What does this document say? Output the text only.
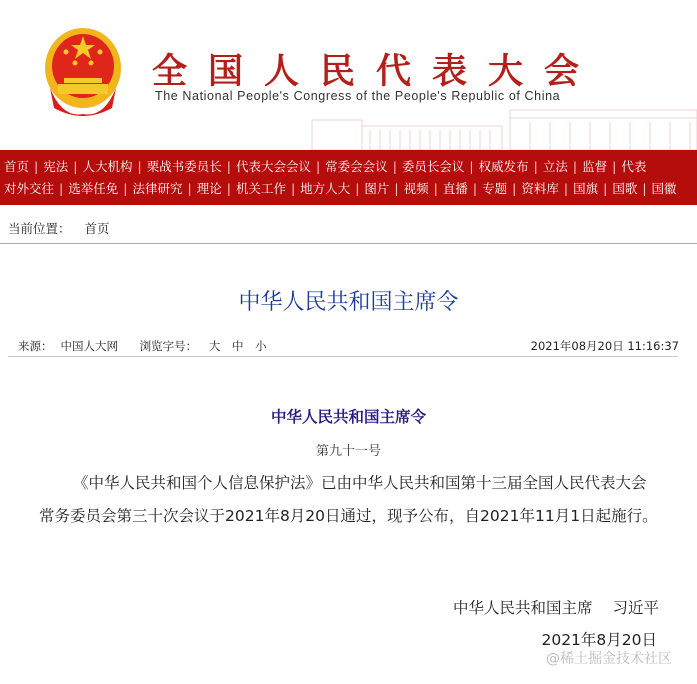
全国人民代表大会
The National People's Congress of the People's Republic of China
首页 | 宪法 | 人大机构 | 栗战书委员长 | 代表大会会议 | 常委会会议 | 委员长会议 | 权威发布 | 立法 | 监督 | 代表
对外交往 | 选举任免 | 法律研究 | 理论 | 机关工作 | 地方人大 | 图片 | 视频 | 直播 | 专题 | 资料库 | 国旗 | 国歌 | 国徽
当前位置： 首页
中华人民共和国主席令
来源： 中国人大网 浏览字号： 大 中 小	2021年08月20日 11:16:37
中华人民共和国主席令
第九十一号

《中华人民共和国个人信息保护法》已由中华人民共和国第十三届全国人民代表大会常务委员会第三十次会议于2021年8月20日通过，现予公布，自2021年11月1日起施行。

中华人民共和国主席 习近平
2021年8月20日
@稀土掘金技术社区
